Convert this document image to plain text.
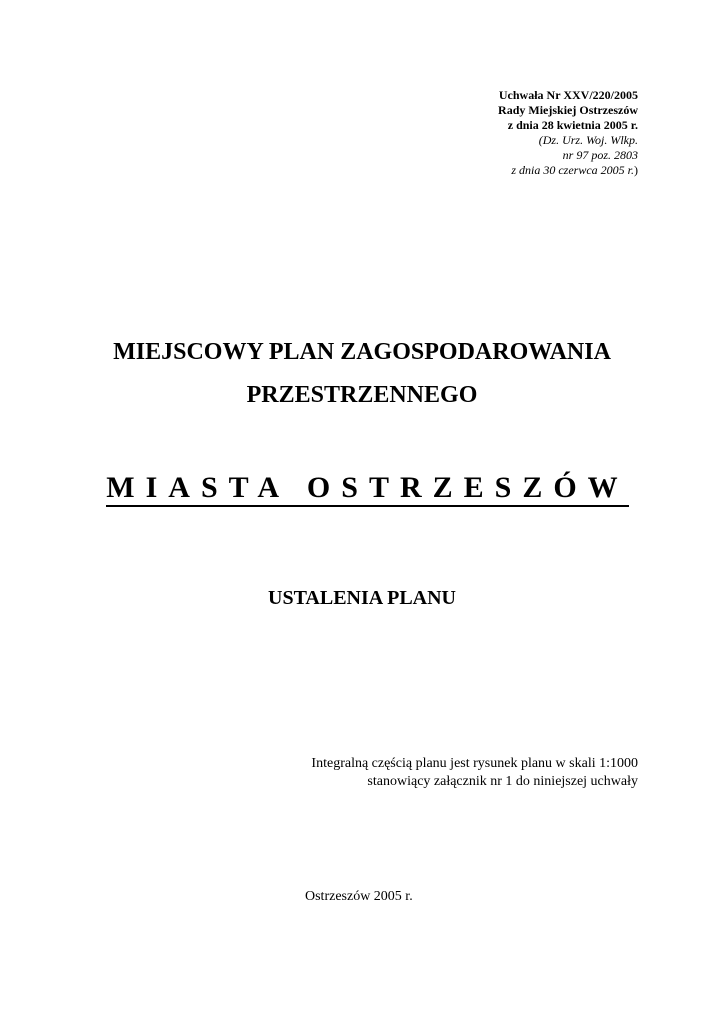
Uchwała Nr XXV/220/2005
Rady Miejskiej Ostrzeszów
z dnia 28 kwietnia 2005 r.
(Dz. Urz. Woj. Wlkp.
nr 97 poz. 2803
z dnia 30 czerwca 2005 r.)
MIEJSCOWY PLAN ZAGOSPODAROWANIA
PRZESTRZENNEGO
MIASTA OSTRZESZÓW
USTALENIA PLANU
Integralną częścią planu jest rysunek planu w skali 1:1000
stanowiący załącznik nr 1 do niniejszej uchwały
Ostrzeszów 2005 r.
